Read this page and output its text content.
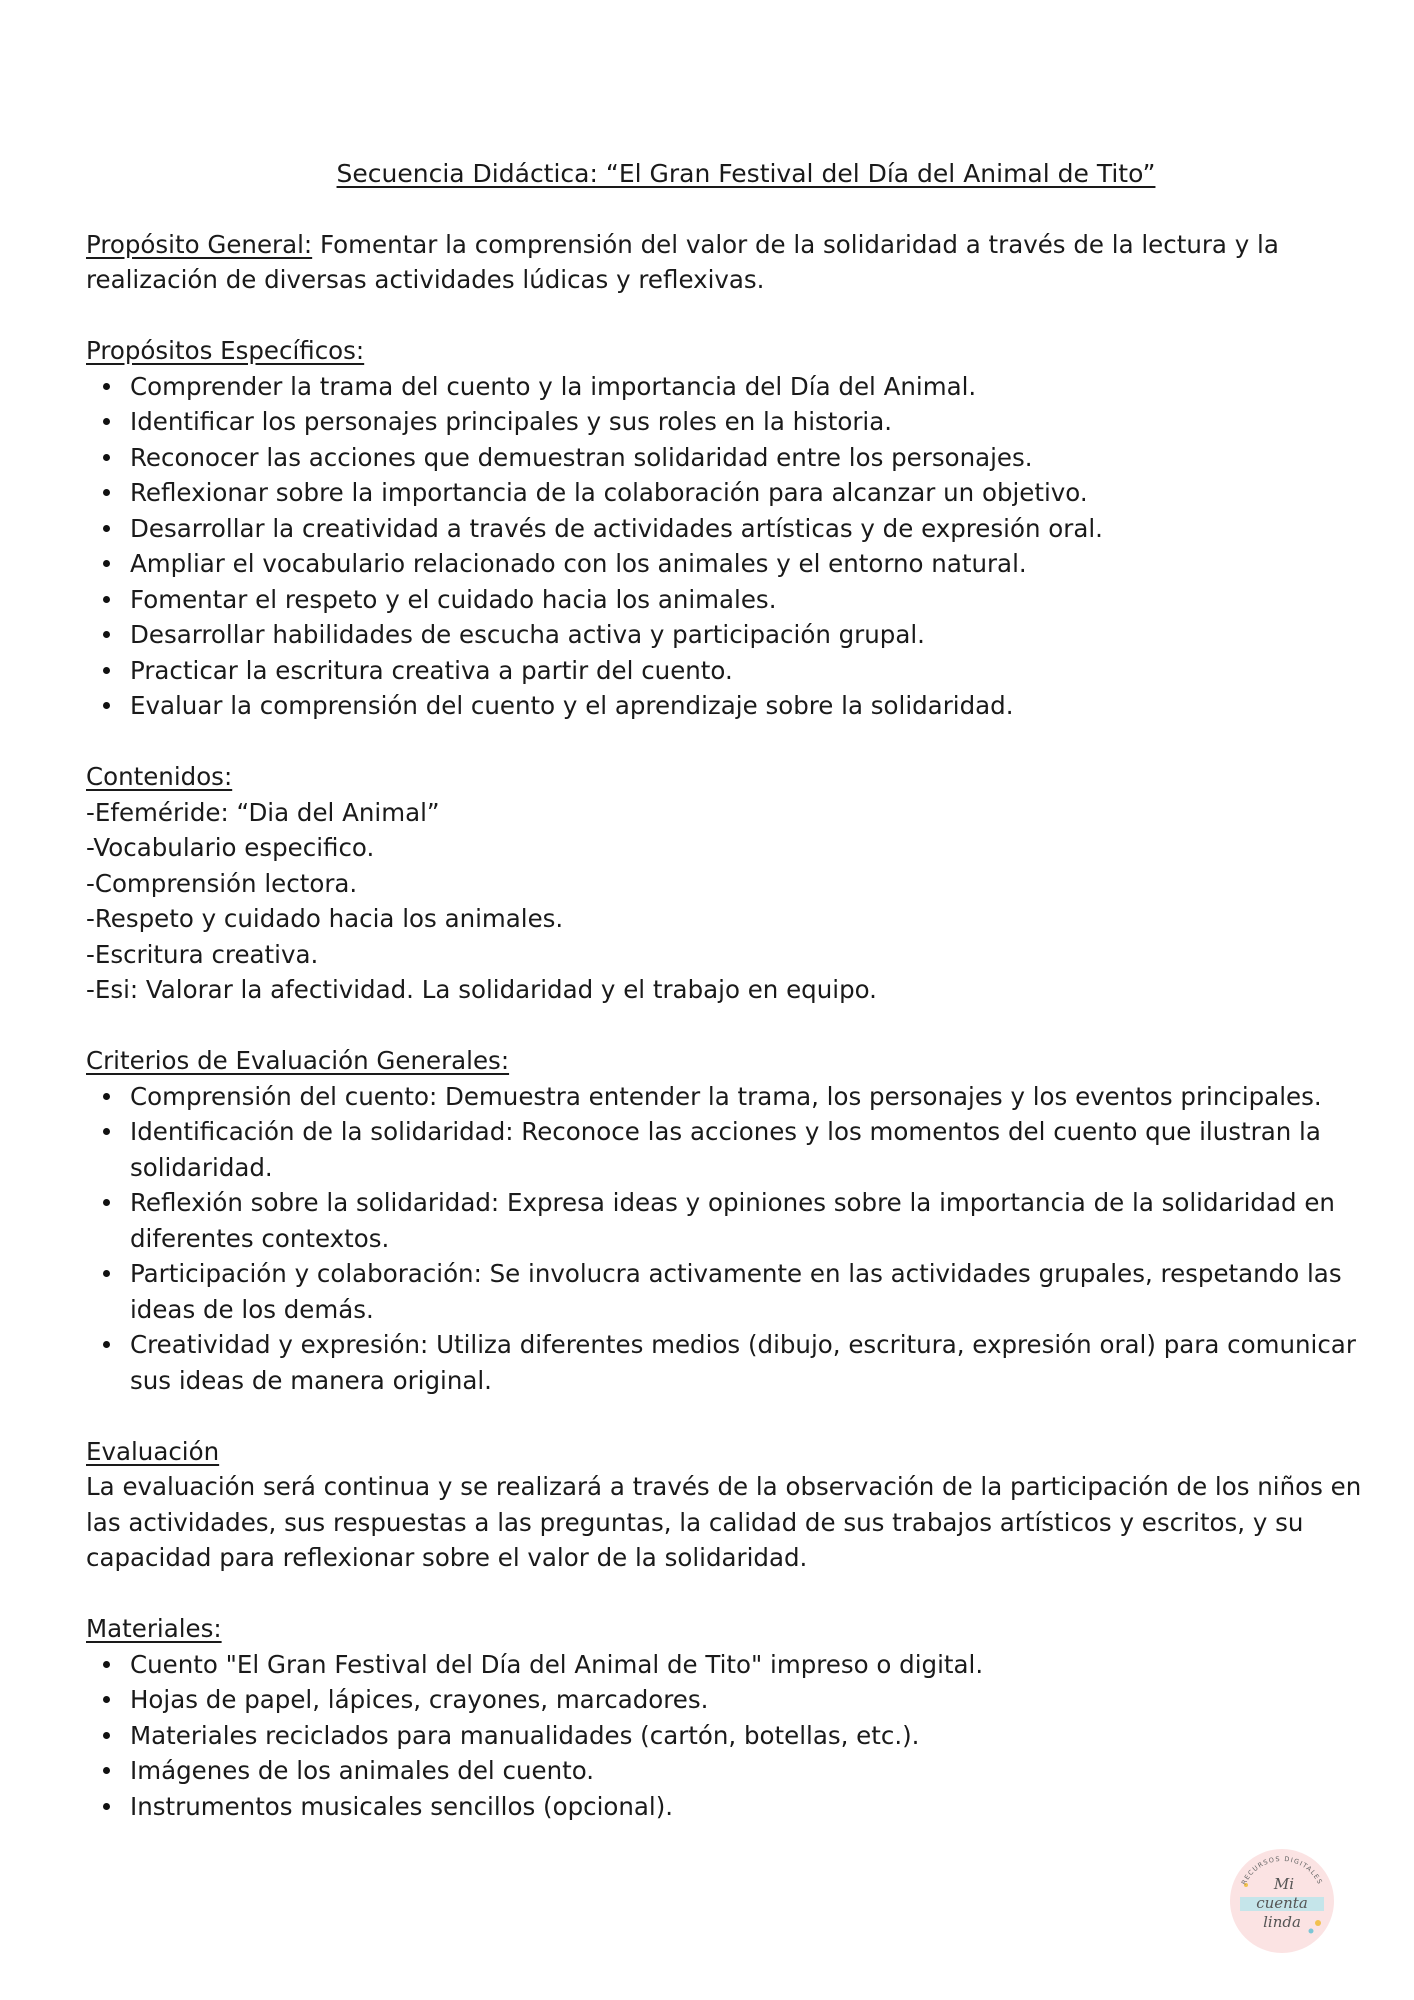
Secuencia Didáctica: “El Gran Festival del Día del Animal de Tito”

Propósito General: Fomentar la comprensión del valor de la solidaridad a través de la lectura y la realización de diversas actividades lúdicas y reflexivas.

Propósitos Específicos:

Comprender la trama del cuento y la importancia del Día del Animal.
Identificar los personajes principales y sus roles en la historia.
Reconocer las acciones que demuestran solidaridad entre los personajes.
Reflexionar sobre la importancia de la colaboración para alcanzar un objetivo.
Desarrollar la creatividad a través de actividades artísticas y de expresión oral.
Ampliar el vocabulario relacionado con los animales y el entorno natural.
Fomentar el respeto y el cuidado hacia los animales.
Desarrollar habilidades de escucha activa y participación grupal.
Practicar la escritura creativa a partir del cuento.
Evaluar la comprensión del cuento y el aprendizaje sobre la solidaridad.

Contenidos:

-Efeméride: “Dia del Animal”

-Vocabulario especifico.

-Comprensión lectora.

-Respeto y cuidado hacia los animales.

-Escritura creativa.

-Esi: Valorar la afectividad. La solidaridad y el trabajo en equipo.

Criterios de Evaluación Generales:

Comprensión del cuento: Demuestra entender la trama, los personajes y los eventos principales.
Identificación de la solidaridad: Reconoce las acciones y los momentos del cuento que ilustran la solidaridad.
Reflexión sobre la solidaridad: Expresa ideas y opiniones sobre la importancia de la solidaridad en diferentes contextos.
Participación y colaboración: Se involucra activamente en las actividades grupales, respetando las ideas de los demás.
Creatividad y expresión: Utiliza diferentes medios (dibujo, escritura, expresión oral) para comunicar sus ideas de manera original.

Evaluación

La evaluación será continua y se realizará a través de la observación de la participación de los niños en las actividades, sus respuestas a las preguntas, la calidad de sus trabajos artísticos y escritos, y su capacidad para reflexionar sobre el valor de la solidaridad.

Materiales:

Cuento "El Gran Festival del Día del Animal de Tito" impreso o digital.
Hojas de papel, lápices, crayones, marcadores.
Materiales reciclados para manualidades (cartón, botellas, etc.).
Imágenes de los animales del cuento.
Instrumentos musicales sencillos (opcional).
RECURSOS DIGITALES
Mi
cuenta
linda
